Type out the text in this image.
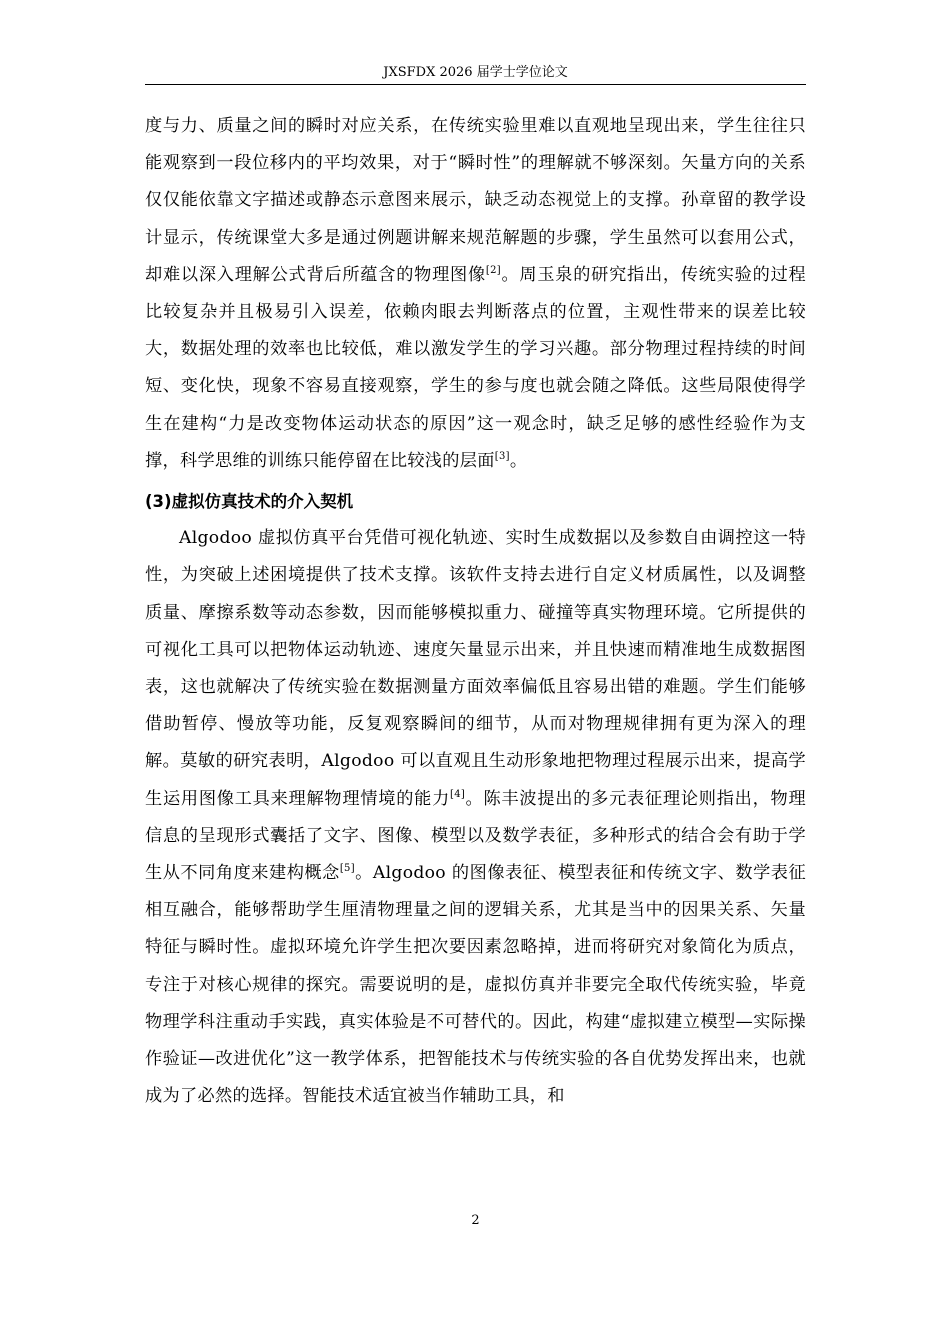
JXSFDX 2026 届学士学位论文

度与力、质量之间的瞬时对应关系，在传统实验里难以直观地呈现出来，学生往往只能观察到一段位移内的平均效果，对于“瞬时性”的理解就不够深刻。矢量方向的关系仅仅能依靠文字描述或静态示意图来展示，缺乏动态视觉上的支撑。孙章留的教学设计显示，传统课堂大多是通过例题讲解来规范解题的步骤，学生虽然可以套用公式，却难以深入理解公式背后所蕴含的物理图像[2]。周玉泉的研究指出，传统实验的过程比较复杂并且极易引入误差，依赖肉眼去判断落点的位置，主观性带来的误差比较大，数据处理的效率也比较低，难以激发学生的学习兴趣。部分物理过程持续的时间短、变化快，现象不容易直接观察，学生的参与度也就会随之降低。这些局限使得学生在建构“力是改变物体运动状态的原因”这一观念时，缺乏足够的感性经验作为支撑，科学思维的训练只能停留在比较浅的层面[3]。

(3)虚拟仿真技术的介入契机

Algodoo 虚拟仿真平台凭借可视化轨迹、实时生成数据以及参数自由调控这一特性，为突破上述困境提供了技术支撑。该软件支持去进行自定义材质属性，以及调整质量、摩擦系数等动态参数，因而能够模拟重力、碰撞等真实物理环境。它所提供的可视化工具可以把物体运动轨迹、速度矢量显示出来，并且快速而精准地生成数据图表，这也就解决了传统实验在数据测量方面效率偏低且容易出错的难题。学生们能够借助暂停、慢放等功能，反复观察瞬间的细节，从而对物理规律拥有更为深入的理解。莫敏的研究表明，Algodoo 可以直观且生动形象地把物理过程展示出来，提高学生运用图像工具来理解物理情境的能力[4]。陈丰波提出的多元表征理论则指出，物理信息的呈现形式囊括了文字、图像、模型以及数学表征，多种形式的结合会有助于学生从不同角度来建构概念[5]。Algodoo 的图像表征、模型表征和传统文字、数学表征相互融合，能够帮助学生厘清物理量之间的逻辑关系，尤其是当中的因果关系、矢量特征与瞬时性。虚拟环境允许学生把次要因素忽略掉，进而将研究对象简化为质点，专注于对核心规律的探究。需要说明的是，虚拟仿真并非要完全取代传统实验，毕竟物理学科注重动手实践，真实体验是不可替代的。因此，构建“虚拟建立模型—实际操作验证—改进优化”这一教学体系，把智能技术与传统实验的各自优势发挥出来，也就成为了必然的选择。智能技术适宜被当作辅助工具，和

2
